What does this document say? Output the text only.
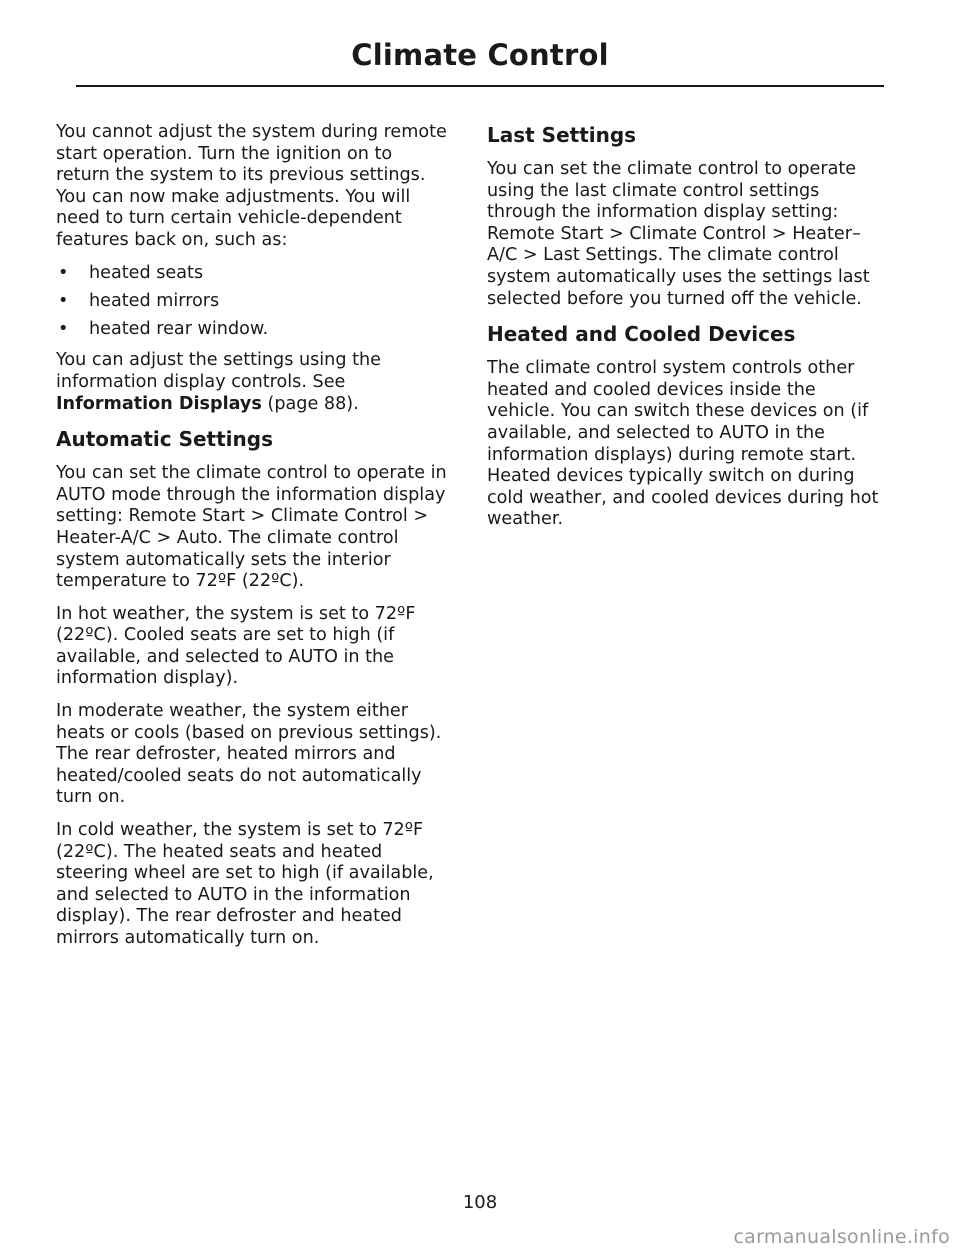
Climate Control

You cannot adjust the system during remote start operation. Turn the ignition on to return the system to its previous settings. You can now make adjustments. You will need to turn certain vehicle-dependent features back on, such as:

• heated seats
• heated mirrors
• heated rear window.

You can adjust the settings using the information display controls. See
Information Displays (page 88).

Automatic Settings

You can set the climate control to operate in AUTO mode through the information display setting: Remote Start > Climate Control > Heater-A/C > Auto. The climate control system automatically sets the interior temperature to 72ºF (22ºC).

In hot weather, the system is set to 72ºF (22ºC). Cooled seats are set to high (if available, and selected to AUTO in the information display).

In moderate weather, the system either heats or cools (based on previous settings). The rear defroster, heated mirrors and heated/cooled seats do not automatically turn on.

In cold weather, the system is set to 72ºF (22ºC). The heated seats and heated steering wheel are set to high (if available, and selected to AUTO in the information display). The rear defroster and heated mirrors automatically turn on.

Last Settings

You can set the climate control to operate using the last climate control settings through the information display setting: Remote Start > Climate Control > Heater–A/C > Last Settings. The climate control system automatically uses the settings last selected before you turned off the vehicle.

Heated and Cooled Devices

The climate control system controls other heated and cooled devices inside the vehicle. You can switch these devices on (if available, and selected to AUTO in the information displays) during remote start. Heated devices typically switch on during cold weather, and cooled devices during hot weather.

108
carmanualsonline.info
